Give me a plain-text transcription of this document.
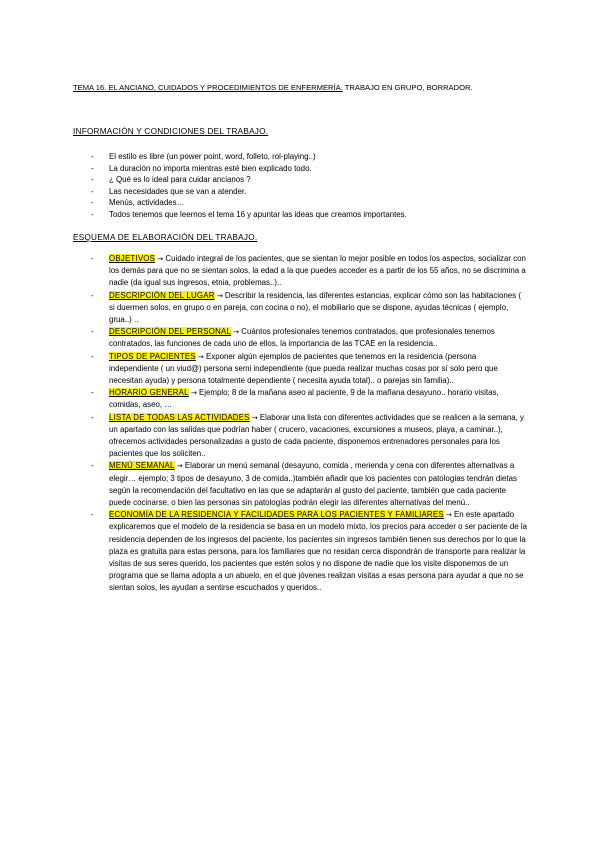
TEMA 16. EL ANCIANO, CUIDADOS Y PROCEDIMIENTOS DE ENFERMERÍA. TRABAJO EN GRUPO, BORRADOR.
INFORMACIÓN Y CONDICIONES DEL TRABAJO.
- El estilo es libre (un power point, word, folleto, rol-playing..)
- La duración no importa mientras esté bien explicado todo.
- ¿ Qué es lo ideal para cuidar ancianos ?
- Las necesidades que se van a atender.
- Menús, actividades…
- Todos tenemos que leernos el tema 16 y apuntar las ideas que creamos importantes.
ESQUEMA DE ELABORACIÓN DEL TRABAJO.
- OBJETIVOS → Cuidado integral de los pacientes, que se sientan lo mejor posible en todos los aspectos, socializar con los demás para que no se sientan solos, la edad a la que puedes acceder es a partir de los 55 años, no se discrimina a nadie (da igual sus ingresos, etnia, problemas..)..
- DESCRIPCIÓN DEL LUGAR → Describir la residencia, las diferentes estancias, explicar cómo son las habitaciones ( si duermen solos, en grupo o en pareja, con cocina o no), el mobiliario que se dispone, ayudas técnicas ( ejemplo, grua..) ..
- DESCRIPCIÓN DEL PERSONAL → Cuántos profesionales tenemos contratados, que profesionales tenemos contratados, las funciones de cada uno de ellos, la importancia de las TCAE en la residencia..
- TIPOS DE PACIENTES → Exponer algún ejemplos de pacientes que tenemos en la residencia (persona independiente ( un viud@) persona semi independiente (que pueda realizar muchas cosas por sí solo pero que necesitan ayuda) y persona totalmente dependiente ( necesita ayuda total).. o parejas sin familia)..
- HORARIO GENERAL → Ejemplo; 8 de la mañana aseo al paciente, 9 de la mañana desayuno.. horario visitas, comidas, aseo, …
- LISTA DE TODAS LAS ACTIVIDADES → Elaborar una lista con diferentes actividades que se realicen a la semana, y un apartado con las salidas que podrían haber ( crucero, vacaciones, excursiones a museos, playa, a caminar..), ofrecemos actividades personalizadas a gusto de cada paciente, disponemos entrenadores personales para los pacientes que los soliciten..
- MENÚ SEMANAL → Elaborar un menú semanal (desayuno, comida , merienda y cena con diferentes alternativas a elegir… ejemplo; 3 tipos de desayuno, 3 de comida..)también añadir que los pacientes con patologías tendrán dietas según la recomendación del facultativo en las que se adaptarán al gusto del paciente, también que cada paciente puede cocinarse, o bien las personas sin patologías podrán elegir las diferentes alternativas del menú..
- ECONOMÍA DE LA RESIDENCIA Y FACILIDADES PARA LOS PACIENTES Y FAMILIARES → En este apartado explicaremos que el modelo de la residencia se basa en un modelo mixto, los precios para acceder o ser paciente de la residencia dependen de los ingresos del paciente, los pacientes sin ingresos también tienen sus derechos por lo que la plaza es gratuita para estas persona, para los familiares que no residan cerca dispondrán de transporte para realizar la visitas de sus seres querido, los pacientes que estén solos y no dispone de nadie que los visite disponemos de un programa que se llama adopta a un abuelo, en el que jóvenes realizan visitas a esas persona para ayudar a que no se sientan solos, les ayudan a sentirse escuchados y queridos..
